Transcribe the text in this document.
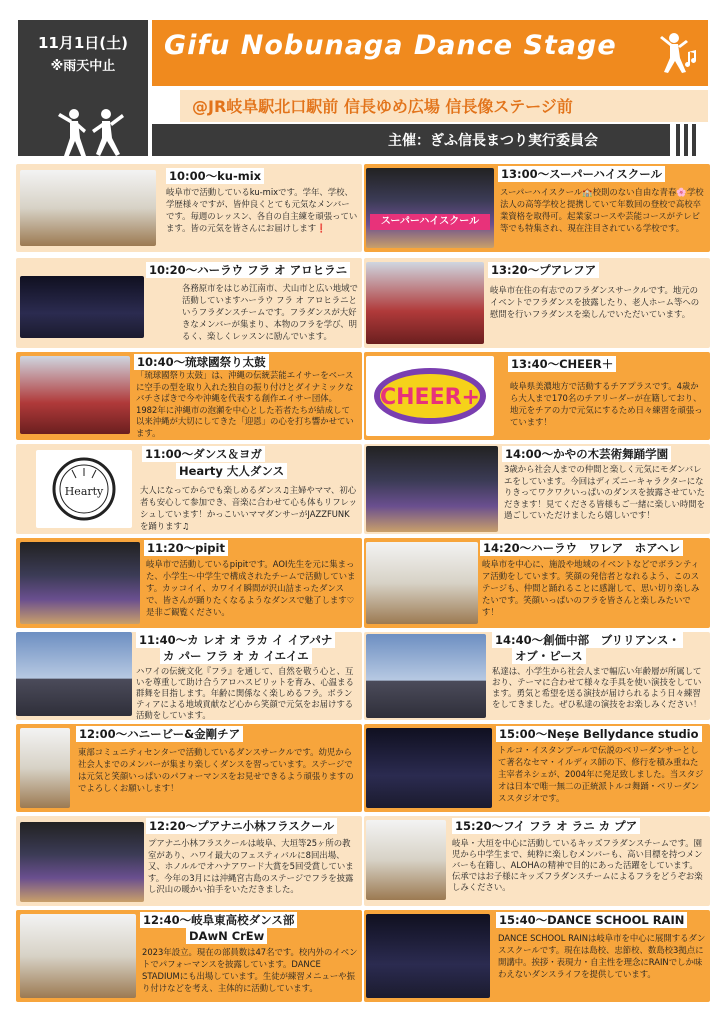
11月1日(土)
※雨天中止
Gifu Nobunaga Dance Stage
@JR岐阜駅北口駅前 信長ゆめ広場 信長像ステージ前
主催：ぎふ信長まつり実行委員会
10:00～ku-mix
岐阜市で活動しているku-mixです。学年、学校、学歴様々ですが、皆仲良くとても元気なメンバーです。毎週のレッスン、各自の自主練を頑張っています。皆の元気を皆さんにお届けします❗
10:20～ハーラウ フラ オ アロヒラニ
各務原市をはじめ江南市、犬山市と広い地域で活動していますハーラウ フラ オ アロヒラニというフラダンスチームです。フラダンスが大好きなメンバーが集まり、本物のフラを学び、明るく、楽しくレッスンに励んでいます。
10:40～琉球國祭り太鼓
「琉球國祭り太鼓」は、沖縄の伝統芸能エイサーをベースに空手の型を取り入れた独自の振り付けとダイナミックなバチさばきで今や沖縄を代表する創作エイサー団体。1982年に沖縄市の泡瀬を中心とした若者たちが結成して以来沖縄が大切にしてきた「迎恩」の心を打ち響かせています。
Hearty
11:00～ダンス＆ヨガ
Hearty 大人ダンス
大人になってからでも楽しめるダンス♫主婦やママ、初心者も安心して参加でき、音楽に合わせて心も体もリフレッシュしています！かっこいいママダンサーがJAZZFUNKを踊ります♫
11:20～pipit
岐阜市で活動しているpipitです。AOI先生を元に集まった、小学生～中学生で構成されたチームで活動しています。カッコイイ、カワイイ瞬間が沢山詰まったダンスで、皆さんが踊りたくなるようなダンスで魅了します♡是非ご観覧ください。
11:40～カ レオ オ ラカ イ イアパナ
カ パー フラ オ カ イエイエ
ハワイの伝統文化『フラ』を通して、自然を敬う心と、互いを尊重して助け合うアロハスピリットを育み、心温まる群舞を目指します。年齢に関係なく楽しめるフラ。ボランティアによる地域貢献など心から笑顔で元気をお届けする活動をしています。
12:00～ハニービー&金剛チア
東部コミュニティセンターで活動しているダンスサークルです。幼児から社会人までのメンバーが集まり楽しくダンスを習っています。ステージでは元気と笑顔いっぱいのパフォーマンスをお見せできるよう頑張りますのでよろしくお願いします！
12:20～プアナニ小林フラスクール
プアナニ小林フラスクールは岐阜、大垣等25ヶ所の教室があり、ハワイ最大のフェスティバルに8回出場、又、ホノルルでオハナアワード大賞を5回受賞しています。今年の3月には沖縄宮古島のステージでフラを披露し沢山の暖かい拍手をいただきました。
12:40～岐阜東高校ダンス部
DAwN CrEw
2023年設立。現在の部員数は47名です。校内外のイベントでパフォーマンスを披露しています。DANCE STADIUMにも出場しています。生徒が練習メニューや振り付けなどを考え、主体的に活動しています。
スーパーハイスクール
13:00～スーパーハイスクール
スーパーハイスクール🏫校則のない自由な青春🌸学校法人の高等学校と提携していて年数回の登校で高校卒業資格を取得可。起業家コースや芸能コースがテレビ等でも特集され、現在注目されている学校です。
13:20～プアレフア
岐阜市在住の有志でのフラダンスサークルです。地元のイベントでフラダンスを披露したり、老人ホーム等への慰問を行いフラダンスを楽しんでいただいています。
CHEER+
13:40～CHEER＋
岐阜県美濃地方で活動するチアプラスです。4歳から大人まで170名のチアリーダーが在籍しており、地元をチアの力で元気にするため日々練習を頑張っています！
14:00～かやの木芸術舞踊学園
3歳から社会人までの仲間と楽しく元気にモダンバレエをしています。今回はディズニーキャラクターになりきってワクワクいっぱいのダンスを披露させていただきます！見てくださる皆様もご一緒に楽しい時間を過ごしていただけましたら嬉しいです！
14:20～ハーラウ　ワレア　ホアヘレ
岐阜市を中心に、施設や地域のイベントなどでボランティア活動をしています。笑顔の発信者となれるよう、このステージも、仲間と踊れることに感謝して、思い切り楽しみたいです。笑顔いっぱいのフラを皆さんと楽しみたいです！
14:40～創価中部　ブリリアンス・
オブ・ピース
私達は、小学生から社会人まで幅広い年齢層が所属しており、テーマに合わせて様々な手具を使い演技をしています。勇気と希望を送る演技が届けられるよう日々練習をしてきました。ぜひ私達の演技をお楽しみください！
15:00～Neşe Bellydance studio
トルコ・イスタンブールで伝説のベリーダンサーとして著名なセマ・イルディス師の下、修行を積み重ねた主宰者ネシェが、2004年に発足致しました。当スタジオは日本で唯一無二の正統派トルコ舞踊・ベリーダンススタジオです。
15:20～フイ フラ オ ラニ カ プア
岐阜・大垣を中心に活動しているキッズフラダンスチームです。園児から中学生まで、純粋に楽しむメンバーも、高い目標を持つメンバーも在籍し、ALOHAの精神で目的にあった活躍をしています。伝承ではお子様にキッズフラダンスチームによるフラをどうぞお楽しみください。
15:40～DANCE SCHOOL RAIN
DANCE SCHOOL RAINは岐阜市を中心に展開するダンススクールです。現在は島校、忠節校、数島校3拠点に開講中。挨拶・表現力・自主性を理念にRAINでしか味わえないダンスライフを提供しています。
